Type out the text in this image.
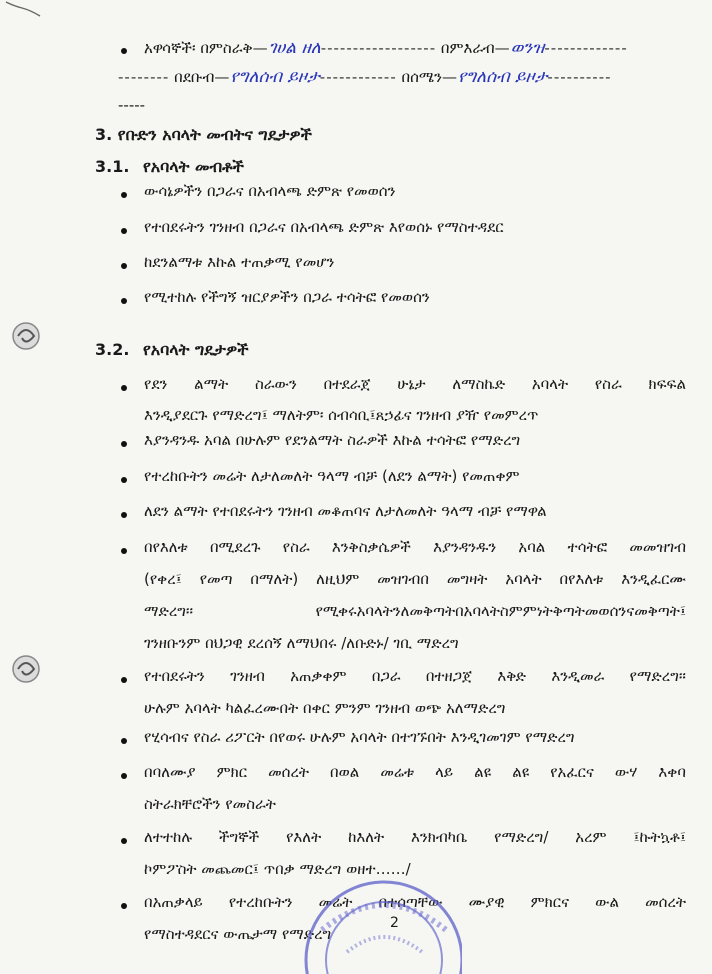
አዋሳኞች፡ በምስራቅ—ገሀል ዘለ------------------ በምእራብ—ወንዝ-------------
-------- በደቡብ—የግለሰብ ይዞታ------------ በሰሜን—የግለሰብ ይዞታ----------
-----
3. የቡድን አባላት መብትና ግዴታዎች
3.1. የአባላት መብቶች
ውሳኔዎችን በጋራና በአብላጫ ድምጽ የመወሰን
የተበደሩትን ገንዘብ በጋራና በአብላጫ ድምጽ እየወሰኑ የማስተዳደር
ከደንልማቱ እኩል ተጠቃሚ የመሆን
የሚተከሉ የችግኝ ዝርያዎችን በጋራ ተሳትፎ የመወሰን
3.2. የአባላት ግዴታዎች
የደን ልማት ስራውን በተደራጀ ሁኔታ ለማስኬድ አባላት የስራ ክፍፍል
እንዲያደርጉ የማድረግ፤ ማለትም፡ ሰብሳቢ፤ጸኃፊና ገንዘብ ያዥ የመምረጥ
እያንዳንዱ አባል በሁሉም የደንልማት ስራዎች እኩል ተሳትፎ የማድረግ
የተረከቡትን መሬት ለታለመለት ዓላማ ብቻ (ለደን ልማት) የመጠቀም
ለደን ልማት የተበደሩትን ገንዘብ መቆጠባና ለታለመለት ዓላማ ብቻ የማዋል
በየእለቱ በሚደረጉ የስራ እንቅስቃሴዎች እያንዳንዱን አባል ተሳትፎ መመዝገብ
(የቀረ፤ የመጣ በማለት) ለዚህም መዝገብበ መግዛት አባላት በየእለቱ እንዲፈርሙ
ማድረግ፡፡	የሚቀሩአባላትንለመቅጣትበአባላትስምምነትቅጣትመወሰንናመቅጣት፤
ገንዘቡንም በህጋዊ ደረሰኝ ለማህበሩ /ለቡድኑ/ ገቢ ማድረግ
የተበደሩትን ገንዘብ አጠቃቀም በጋራ በተዘጋጀ እቅድ እንዲመራ የማድረግ፡፡
ሁሉም አባላት ካልፈረሙበት በቀር ምንም ገንዘብ ወጭ አለማድረግ
የሂሳብና የስራ ሪፖርት በየወሩ ሁሉም አባላት በተገኙበት እንዲገመገም የማድረግ
በባለሙያ ምክር መሰረት በወል መሬቱ ላይ ልዩ ልዩ የአፈርና ውሃ እቀባ
ስትራክቸሮችን የመስራት
ለተተከሉ ችግኞች የእለት ከእለት እንክብካቤ የማድረግ/ አረም ፤ኩትኳቶ፤
ኮምፖስት መጨመር፤ ጥበቃ ማድረግ ወዘተ……/
በአጠቃላይ የተረከቡትን መሬት በተሰጣቸው ሙያዊ ምክርና ውል መሰረት
የማስተዳደርና ውጤታማ የማድረግ
2
